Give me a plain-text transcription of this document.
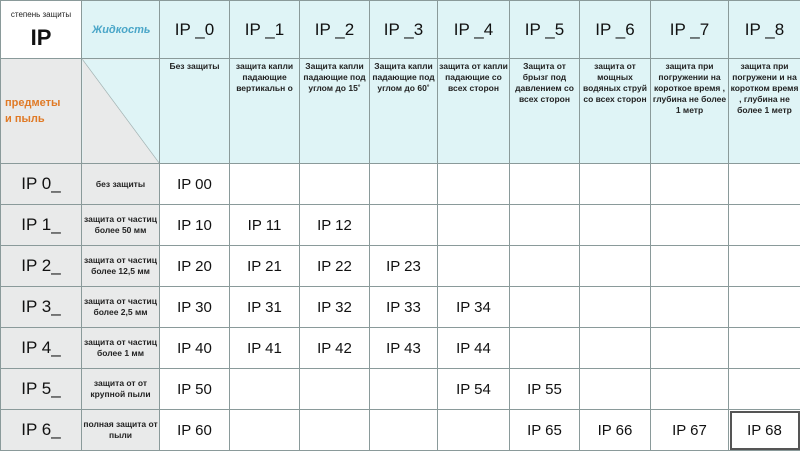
степень защиты
IP	Жидкость	IP _0	IP _1	IP _2	IP _3	IP _4	IP _5	IP _6	IP _7	IP _8
предметы
и пыль		Без защиты	защита капли падающие вертикальн о	Защита капли падающие под углом до 15˚	Защита капли падающие под углом до 60˚	защита от капли падающие со всех сторон	Защита от брызг под давлением со всех сторон	защита от мощных водяных струй со всех сторон	защита при погружении на короткое время , глубина не более 1 метр	защита при погружени и на коротком время , глубина не более 1 метр
IP 0_	без защиты	IP 00								
IP 1_	защита от частиц более 50 мм	IP 10	IP 11	IP 12						
IP 2_	защита от частиц более 12,5 мм	IP 20	IP 21	IP 22	IP 23					
IP 3_	защита от частиц более 2,5 мм	IP 30	IP 31	IP 32	IP 33	IP 34				
IP 4_	защита от частиц более 1 мм	IP 40	IP 41	IP 42	IP 43	IP 44				
IP 5_	защита от от крупной пыли	IP 50				IP 54	IP 55			
IP 6_	полная защита от пыли	IP 60					IP 65	IP 66	IP 67	IP 68
